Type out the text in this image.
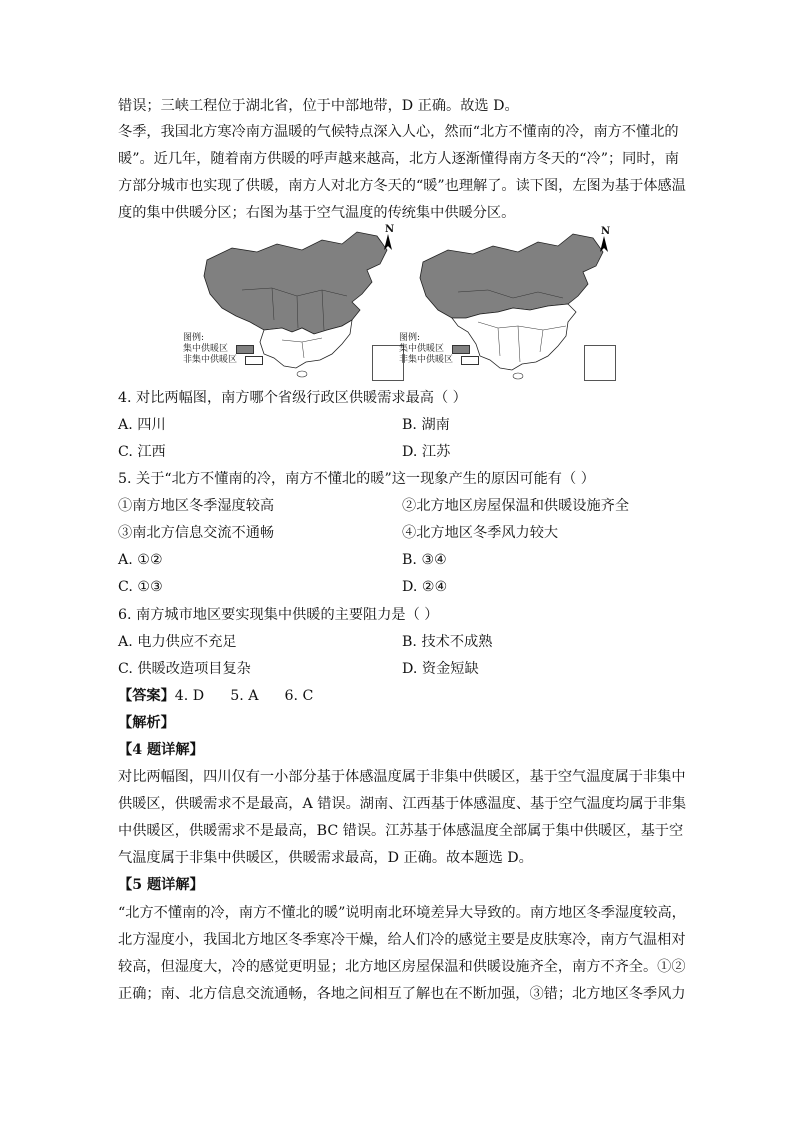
错误；三峡工程位于湖北省，位于中部地带，D 正确。故选 D。
冬季，我国北方寒冷南方温暖的气候特点深入人心，然而“北方不懂南的冷，南方不懂北的
暖”。近几年，随着南方供暖的呼声越来越高，北方人逐渐懂得南方冬天的“冷”；同时，南
方部分城市也实现了供暖，南方人对北方冬天的“暖”也理解了。读下图，左图为基于体感温
度的集中供暖分区；右图为基于空气温度的传统集中供暖分区。
N
图例:
集中供暖区
非集中供暖区
N
图例:
集中供暖区
非集中供暖区
4. 对比两幅图，南方哪个省级行政区供暖需求最高（ ）
A. 四川	B. 湖南
C. 江西	D. 江苏
5. 关于“北方不懂南的冷，南方不懂北的暖”这一现象产生的原因可能有（ ）
①南方地区冬季湿度较高	②北方地区房屋保温和供暖设施齐全
③南北方信息交流不通畅	④北方地区冬季风力较大
A. ①②	B. ③④
C. ①③	D. ②④
6. 南方城市地区要实现集中供暖的主要阻力是（ ）
A. 电力供应不充足	B. 技术不成熟
C. 供暖改造项目复杂	D. 资金短缺
【答案】4. D 5. A 6. C
【解析】
【4 题详解】
对比两幅图，四川仅有一小部分基于体感温度属于非集中供暖区，基于空气温度属于非集中
供暖区，供暖需求不是最高，A 错误。湖南、江西基于体感温度、基于空气温度均属于非集
中供暖区，供暖需求不是最高，BC 错误。江苏基于体感温度全部属于集中供暖区，基于空
气温度属于非集中供暖区，供暖需求最高，D 正确。故本题选 D。
【5 题详解】
“北方不懂南的冷，南方不懂北的暖”说明南北环境差异大导致的。南方地区冬季湿度较高，
北方湿度小，我国北方地区冬季寒冷干燥，给人们冷的感觉主要是皮肤寒冷，南方气温相对
较高，但湿度大，冷的感觉更明显；北方地区房屋保温和供暖设施齐全，南方不齐全。①②
正确；南、北方信息交流通畅，各地之间相互了解也在不断加强，③错；北方地区冬季风力
